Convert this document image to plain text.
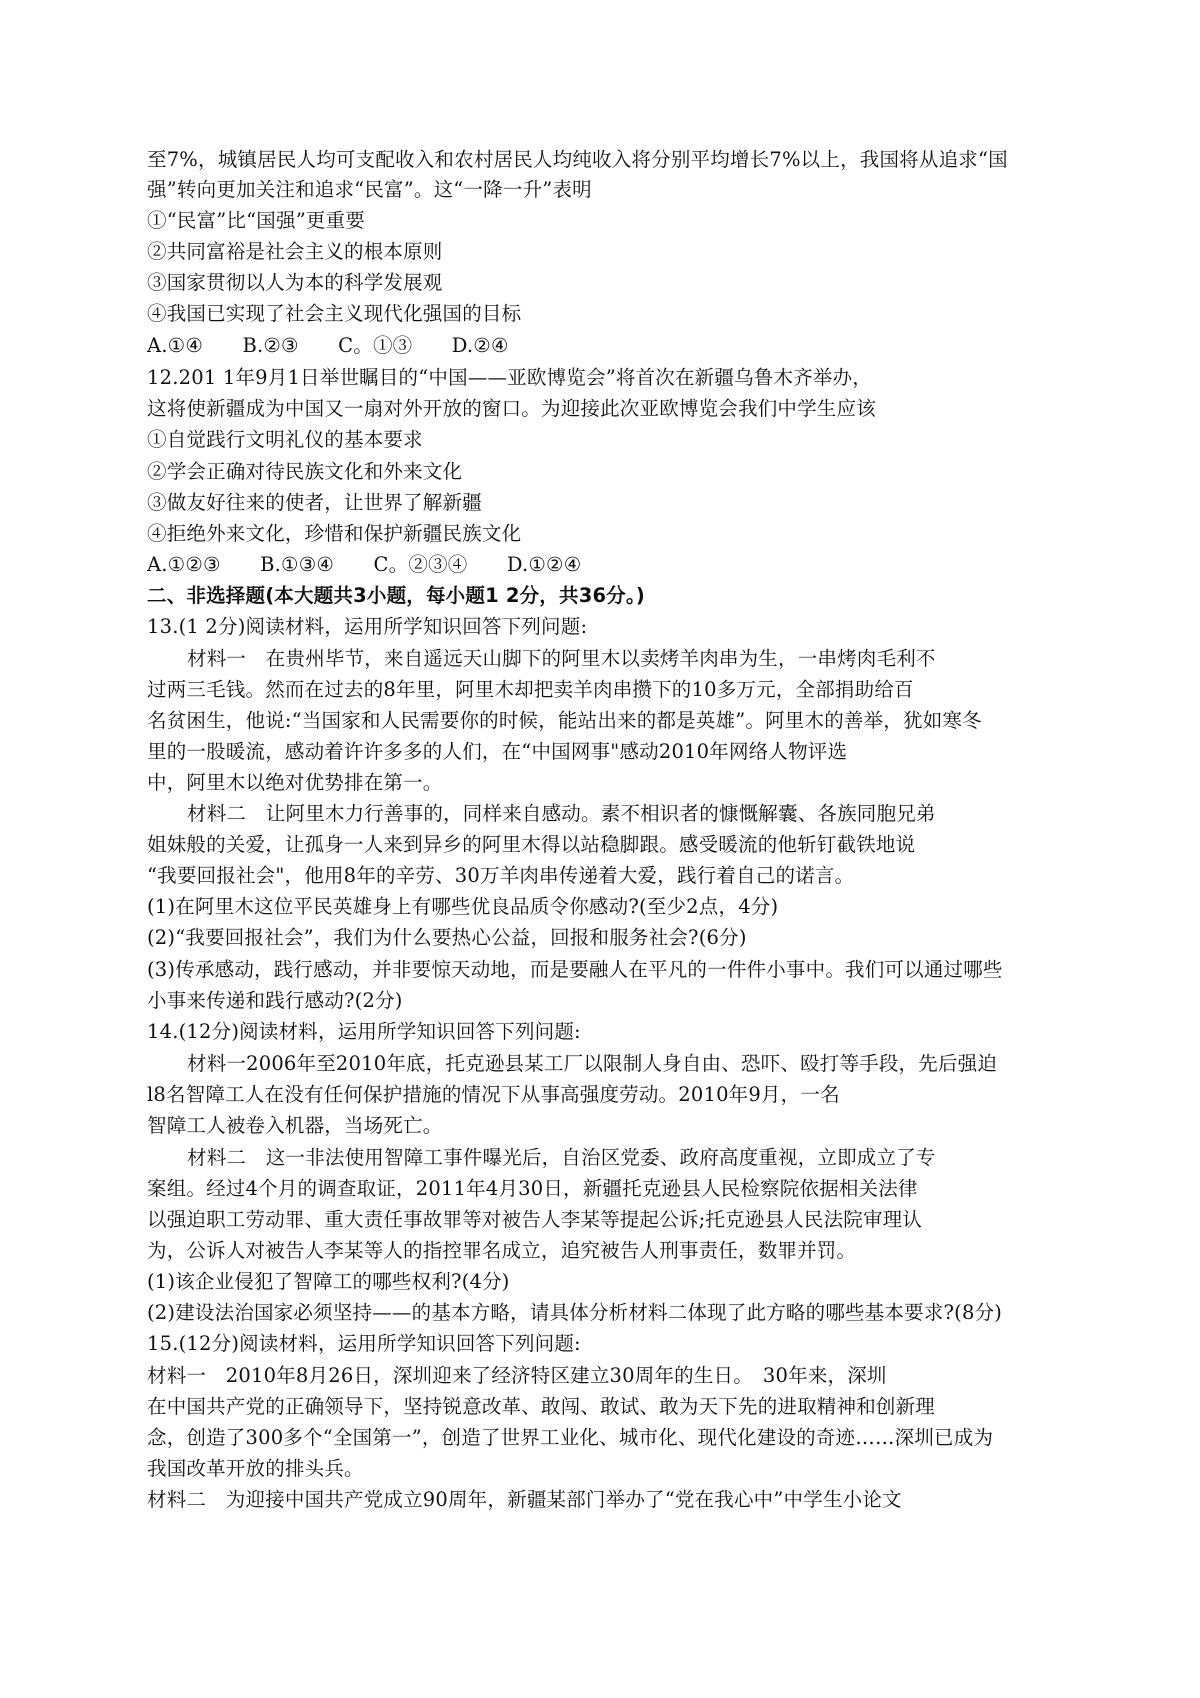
至7%，城镇居民人均可支配收入和农村居民人均纯收入将分别平均增长7%以上，我国将从追求“国
强”转向更加关注和追求“民富”。这“一降一升”表明
①“民富”比“国强”更重要
②共同富裕是社会主义的根本原则
③国家贯彻以人为本的科学发展观
④我国已实现了社会主义现代化强国的目标
A.①④　　B.②③　　C。①③　　D.②④
12.201 1年9月1日举世瞩目的“中国——亚欧博览会”将首次在新疆乌鲁木齐举办，
这将使新疆成为中国又一扇对外开放的窗口。为迎接此次亚欧博览会我们中学生应该
①自觉践行文明礼仪的基本要求
②学会正确对待民族文化和外来文化
③做友好往来的使者，让世界了解新疆
④拒绝外来文化，珍惜和保护新疆民族文化
A.①②③　　B.①③④　　C。②③④　　D.①②④
二、非选择题(本大题共3小题，每小题1 2分，共36分。)
13.(1 2分)阅读材料，运用所学知识回答下列问题:
材料一　在贵州毕节，来自遥远天山脚下的阿里木以卖烤羊肉串为生，一串烤肉毛利不
过两三毛钱。然而在过去的8年里，阿里木却把卖羊肉串攒下的10多万元，全部捐助给百
名贫困生，他说:“当国家和人民需要你的时候，能站出来的都是英雄”。阿里木的善举，犹如寒冬
里的一股暖流，感动着许许多多的人们，在“中国网事"感动2010年网络人物评选
中，阿里木以绝对优势排在第一。
材料二　让阿里木力行善事的，同样来自感动。素不相识者的慷慨解囊、各族同胞兄弟
姐妹般的关爱，让孤身一人来到异乡的阿里木得以站稳脚跟。感受暖流的他斩钉截铁地说
“我要回报社会"，他用8年的辛劳、30万羊肉串传递着大爱，践行着自己的诺言。
(1)在阿里木这位平民英雄身上有哪些优良品质令你感动?(至少2点，4分)
(2)“我要回报社会”，我们为什么要热心公益，回报和服务社会?(6分)
(3)传承感动，践行感动，并非要惊天动地，而是要融人在平凡的一件件小事中。我们可以通过哪些
小事来传递和践行感动?(2分)
14.(12分)阅读材料，运用所学知识回答下列问题:
材料一2006年至2010年底，托克逊县某工厂以限制人身自由、恐吓、殴打等手段，先后强迫
l8名智障工人在没有任何保护措施的情况下从事高强度劳动。2010年9月，一名
智障工人被卷入机器，当场死亡。
材料二　这一非法使用智障工事件曝光后，自治区党委、政府高度重视，立即成立了专
案组。经过4个月的调查取证，2011年4月30日，新疆托克逊县人民检察院依据相关法律
以强迫职工劳动罪、重大责任事故罪等对被告人李某等提起公诉;托克逊县人民法院审理认
为，公诉人对被告人李某等人的指控罪名成立，追究被告人刑事责任，数罪并罚。
(1)该企业侵犯了智障工的哪些权利?(4分)
(2)建设法治国家必须坚持——的基本方略，请具体分析材料二体现了此方略的哪些基本要求?(8分)
15.(12分)阅读材料，运用所学知识回答下列问题:
材料一　2010年8月26日，深圳迎来了经济特区建立30周年的生日。　30年来，深圳
在中国共产党的正确领导下，坚持锐意改革、敢闯、敢试、敢为天下先的进取精神和创新理
念，创造了300多个“全国第一”，创造了世界工业化、城市化、现代化建设的奇迹……深圳已成为
我国改革开放的排头兵。
材料二　为迎接中国共产党成立90周年，新疆某部门举办了“党在我心中”中学生小论文
